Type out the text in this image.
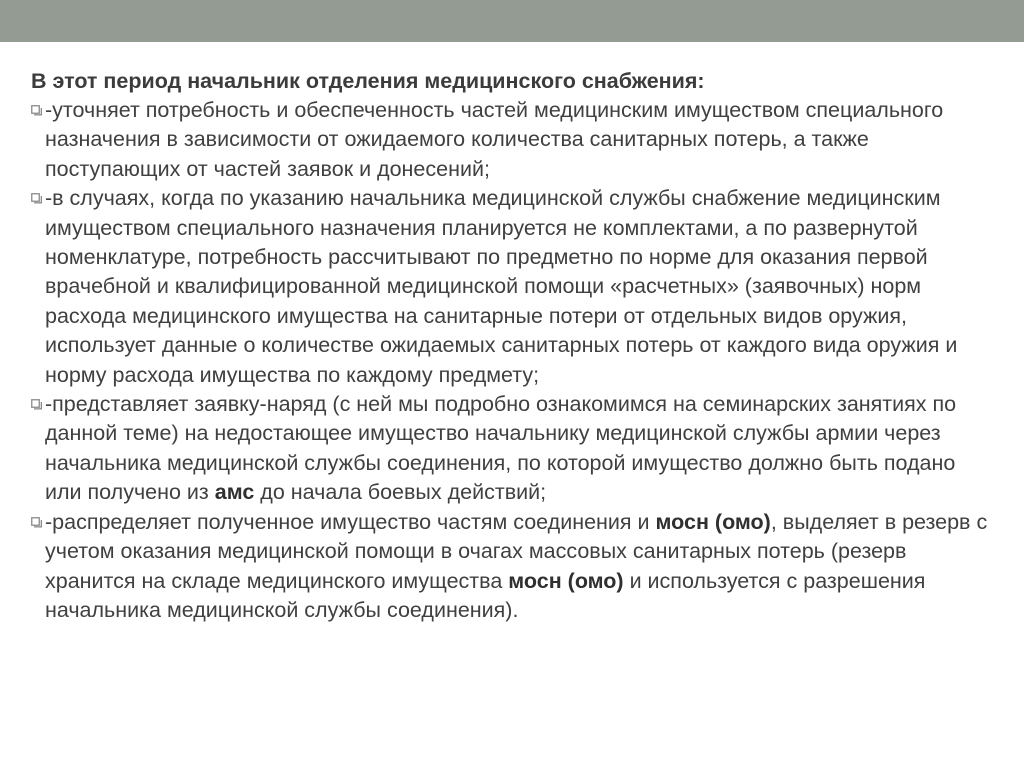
В этот период начальник отделения медицинского снабжения:

-уточняет потребность и обеспеченность частей медицинским имуществом специального назначения в зависимости от ожидаемого количества санитарных потерь, а также поступающих от частей заявок и донесений;
-в случаях, когда по указанию начальника медицинской службы снабжение медицинским имуществом специального назначения планируется не комплектами, а по развернутой номенклатуре, потребность рассчитывают по предметно по норме для оказания первой врачебной и квалифицированной медицинской помощи «расчетных» (заявочных) норм расхода медицинского имущества на санитарные потери от отдельных видов оружия, использует данные о количестве ожидаемых санитарных потерь от каждого вида оружия и норму расхода имущества по каждому предмету;
-представляет заявку-наряд (с ней мы подробно ознакомимся на семинарских занятиях по данной теме) на недостающее имущество начальнику медицинской службы армии через начальника медицинской службы соединения, по которой имущество должно быть подано или получено из амс до начала боевых действий;
-распределяет полученное имущество частям соединения и мосн (омо), выделяет в резерв с учетом оказания медицинской помощи в очагах массовых санитарных потерь (резерв хранится на складе медицинского имущества мосн (омо) и используется с разрешения начальника медицинской службы соединения).
